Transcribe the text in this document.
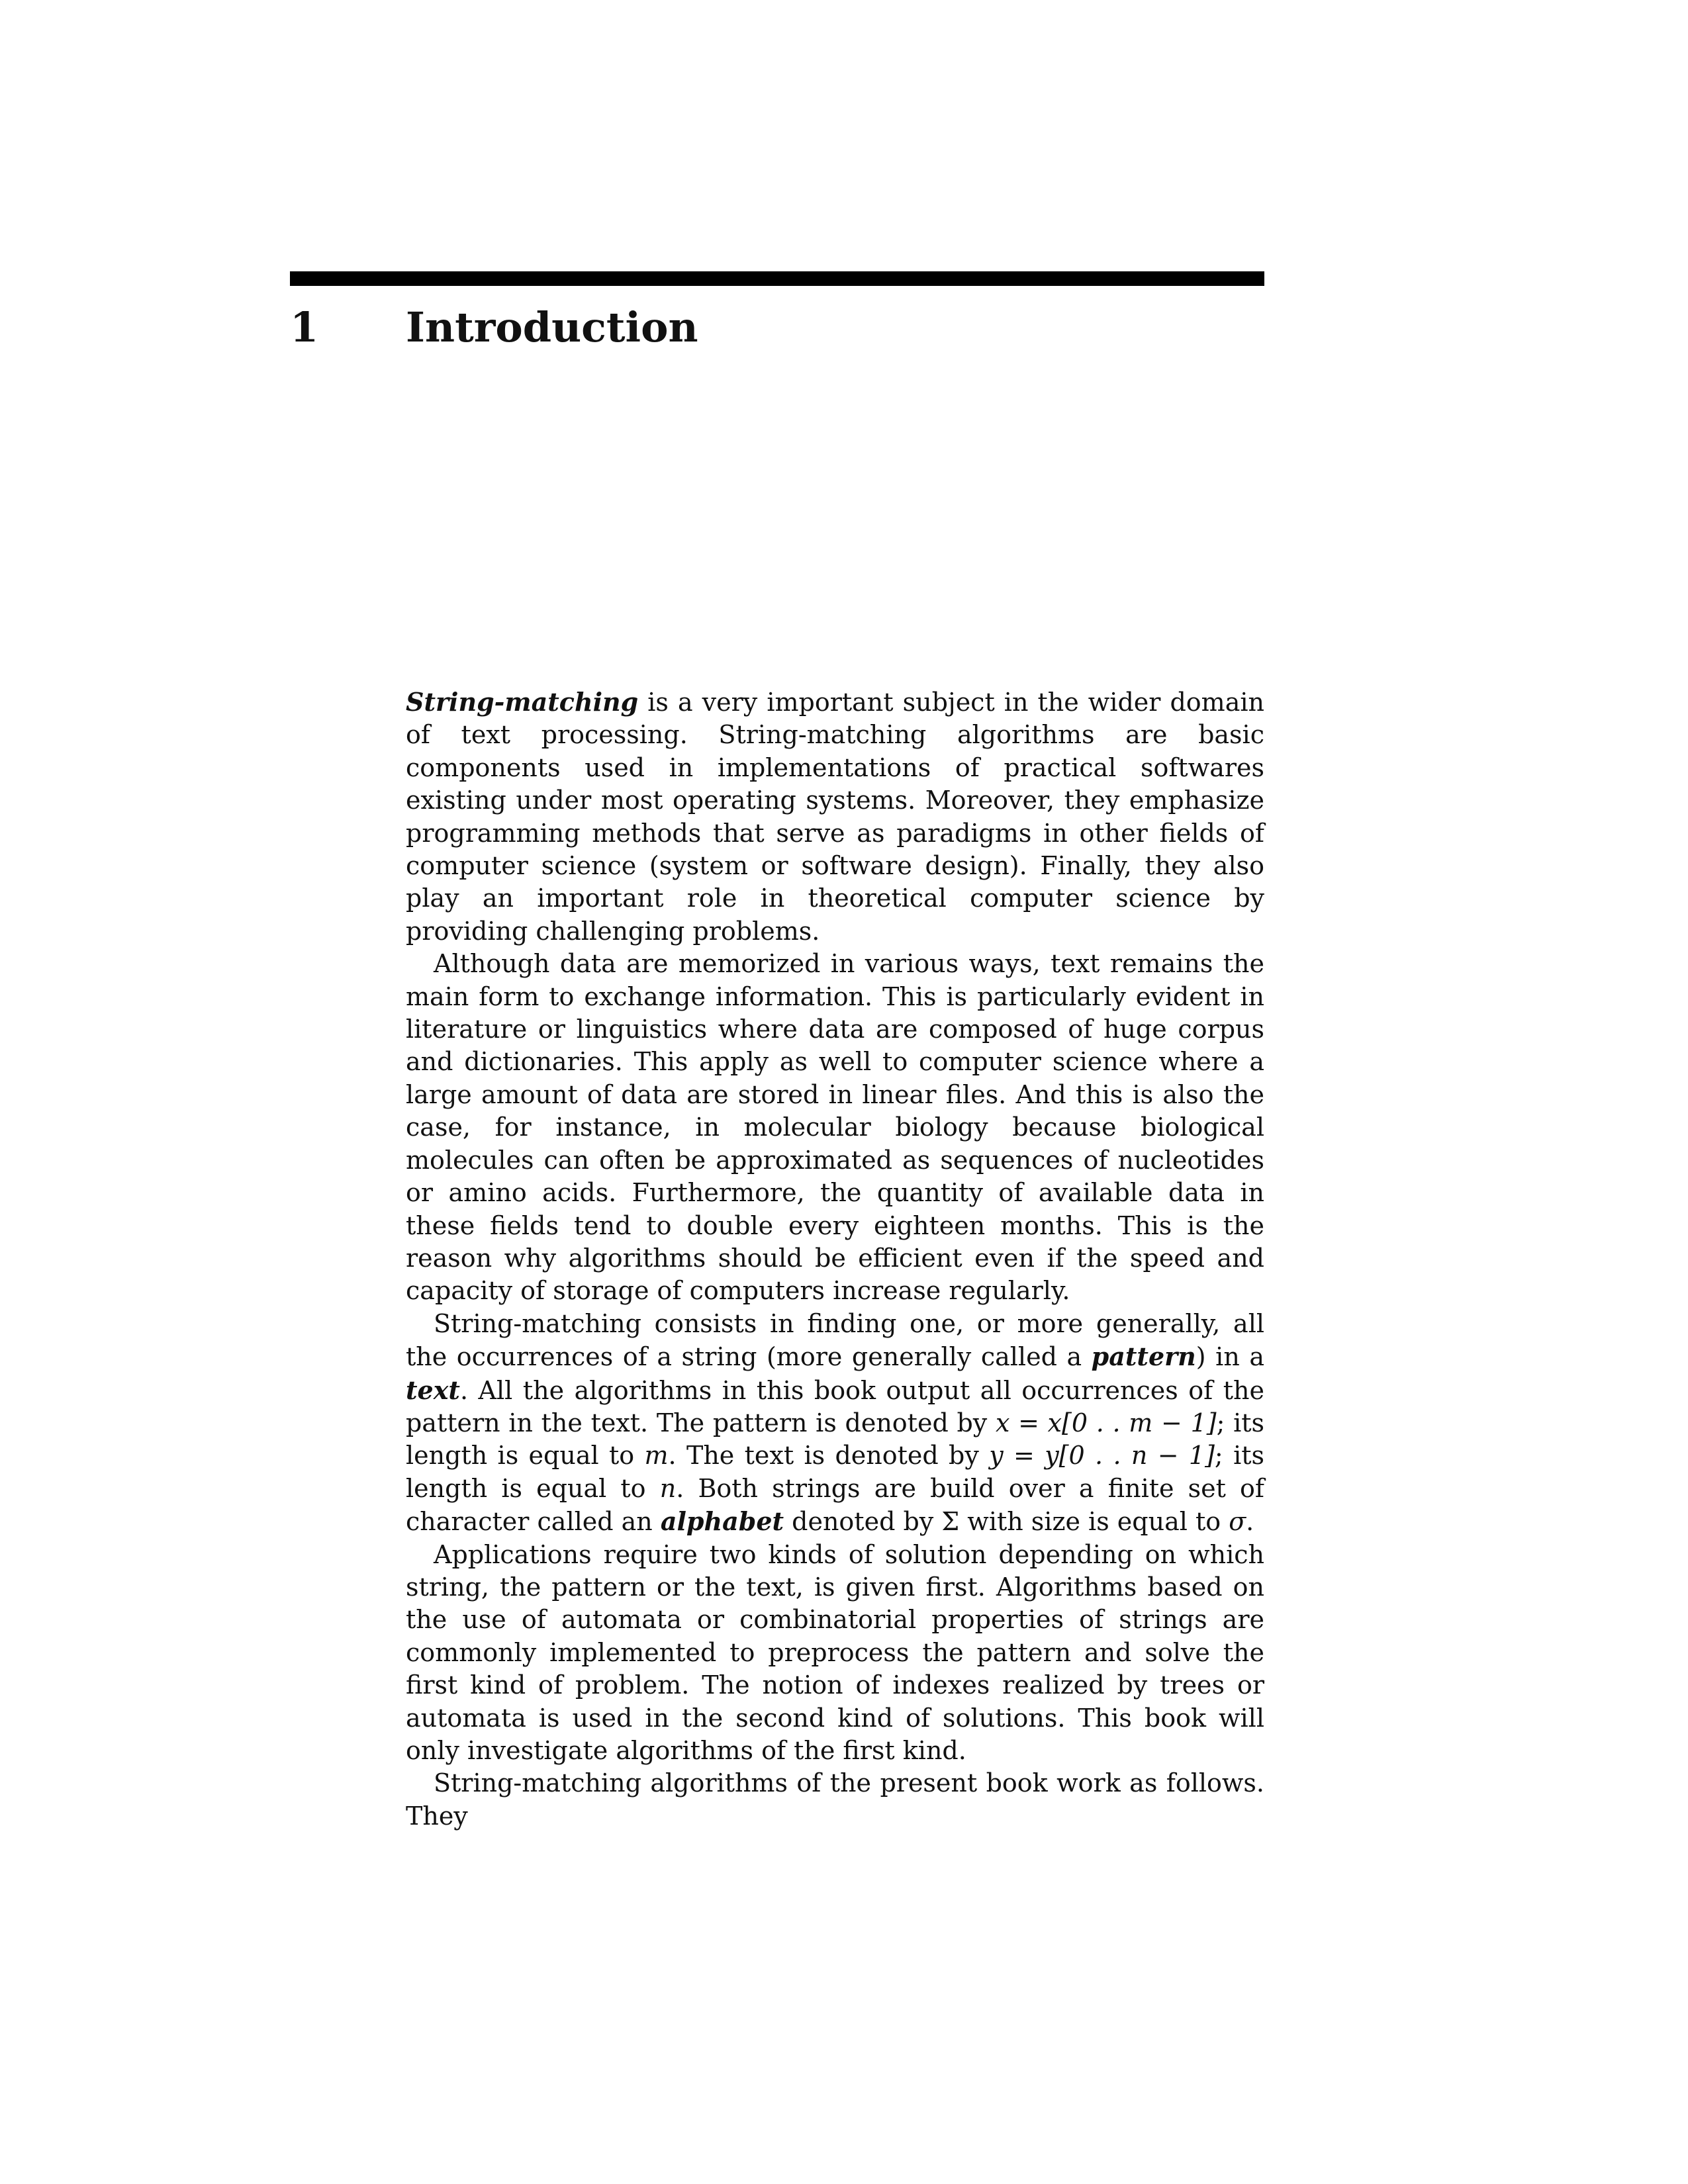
1 Introduction

String-matching is a very important subject in the wider domain of text processing. String-matching algorithms are basic components used in implementations of practical softwares existing under most operating systems. Moreover, they emphasize programming methods that serve as paradigms in other fields of computer science (system or software design). Finally, they also play an important role in theoretical computer science by providing challenging problems.

Although data are memorized in various ways, text remains the main form to exchange information. This is particularly evident in literature or linguistics where data are composed of huge corpus and dictionaries. This apply as well to computer science where a large amount of data are stored in linear files. And this is also the case, for instance, in molecular biology because biological molecules can often be approximated as sequences of nucleotides or amino acids. Furthermore, the quantity of available data in these fields tend to double every eighteen months. This is the reason why algorithms should be efficient even if the speed and capacity of storage of computers increase regularly.

String-matching consists in finding one, or more generally, all the occurrences of a string (more generally called a pattern) in a text. All the algorithms in this book output all occurrences of the pattern in the text. The pattern is denoted by x = x[0 . . m − 1]; its length is equal to m. The text is denoted by y = y[0 . . n − 1]; its length is equal to n. Both strings are build over a finite set of character called an alphabet denoted by Σ with size is equal to σ.

Applications require two kinds of solution depending on which string, the pattern or the text, is given first. Algorithms based on the use of automata or combinatorial properties of strings are commonly implemented to preprocess the pattern and solve the first kind of problem. The notion of indexes realized by trees or automata is used in the second kind of solutions. This book will only investigate algorithms of the first kind.

String-matching algorithms of the present book work as follows. They
